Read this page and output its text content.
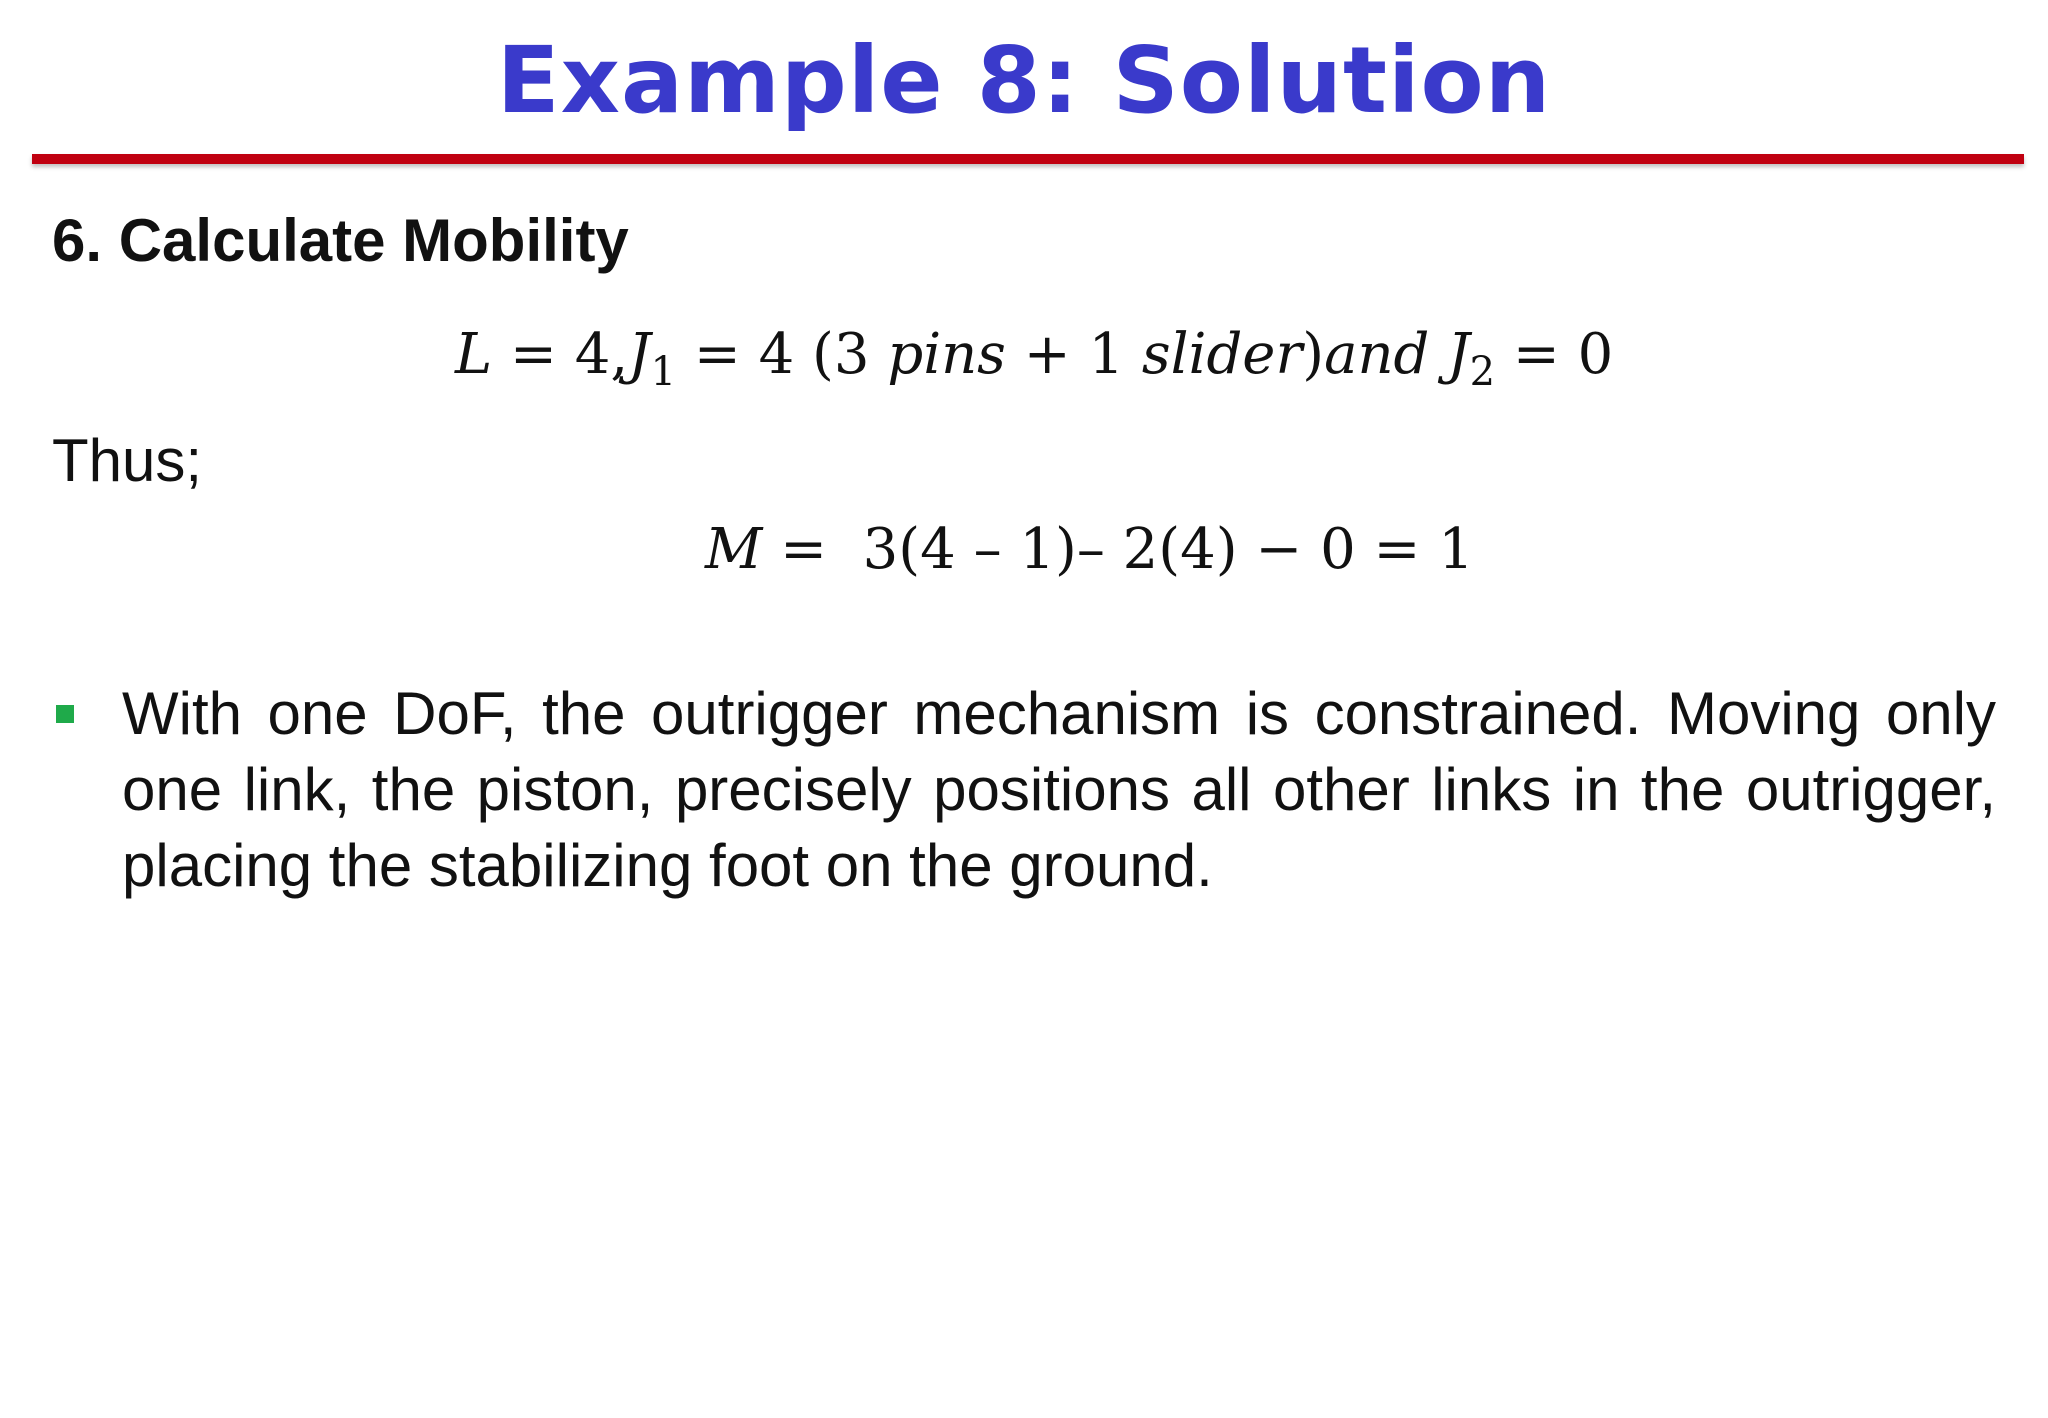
Example 8: Solution
6. Calculate Mobility
$L = 4,J_1 = 4$ (3 pins + 1 slider)and $J_2 = 0$
Thus;
M =  3(4 – 1)– 2(4) − 0 = 1
With one DoF, the outrigger mechanism is constrained. Moving only one link, the piston, precisely positions all other links in the outrigger, placing the stabilizing foot on the ground.
